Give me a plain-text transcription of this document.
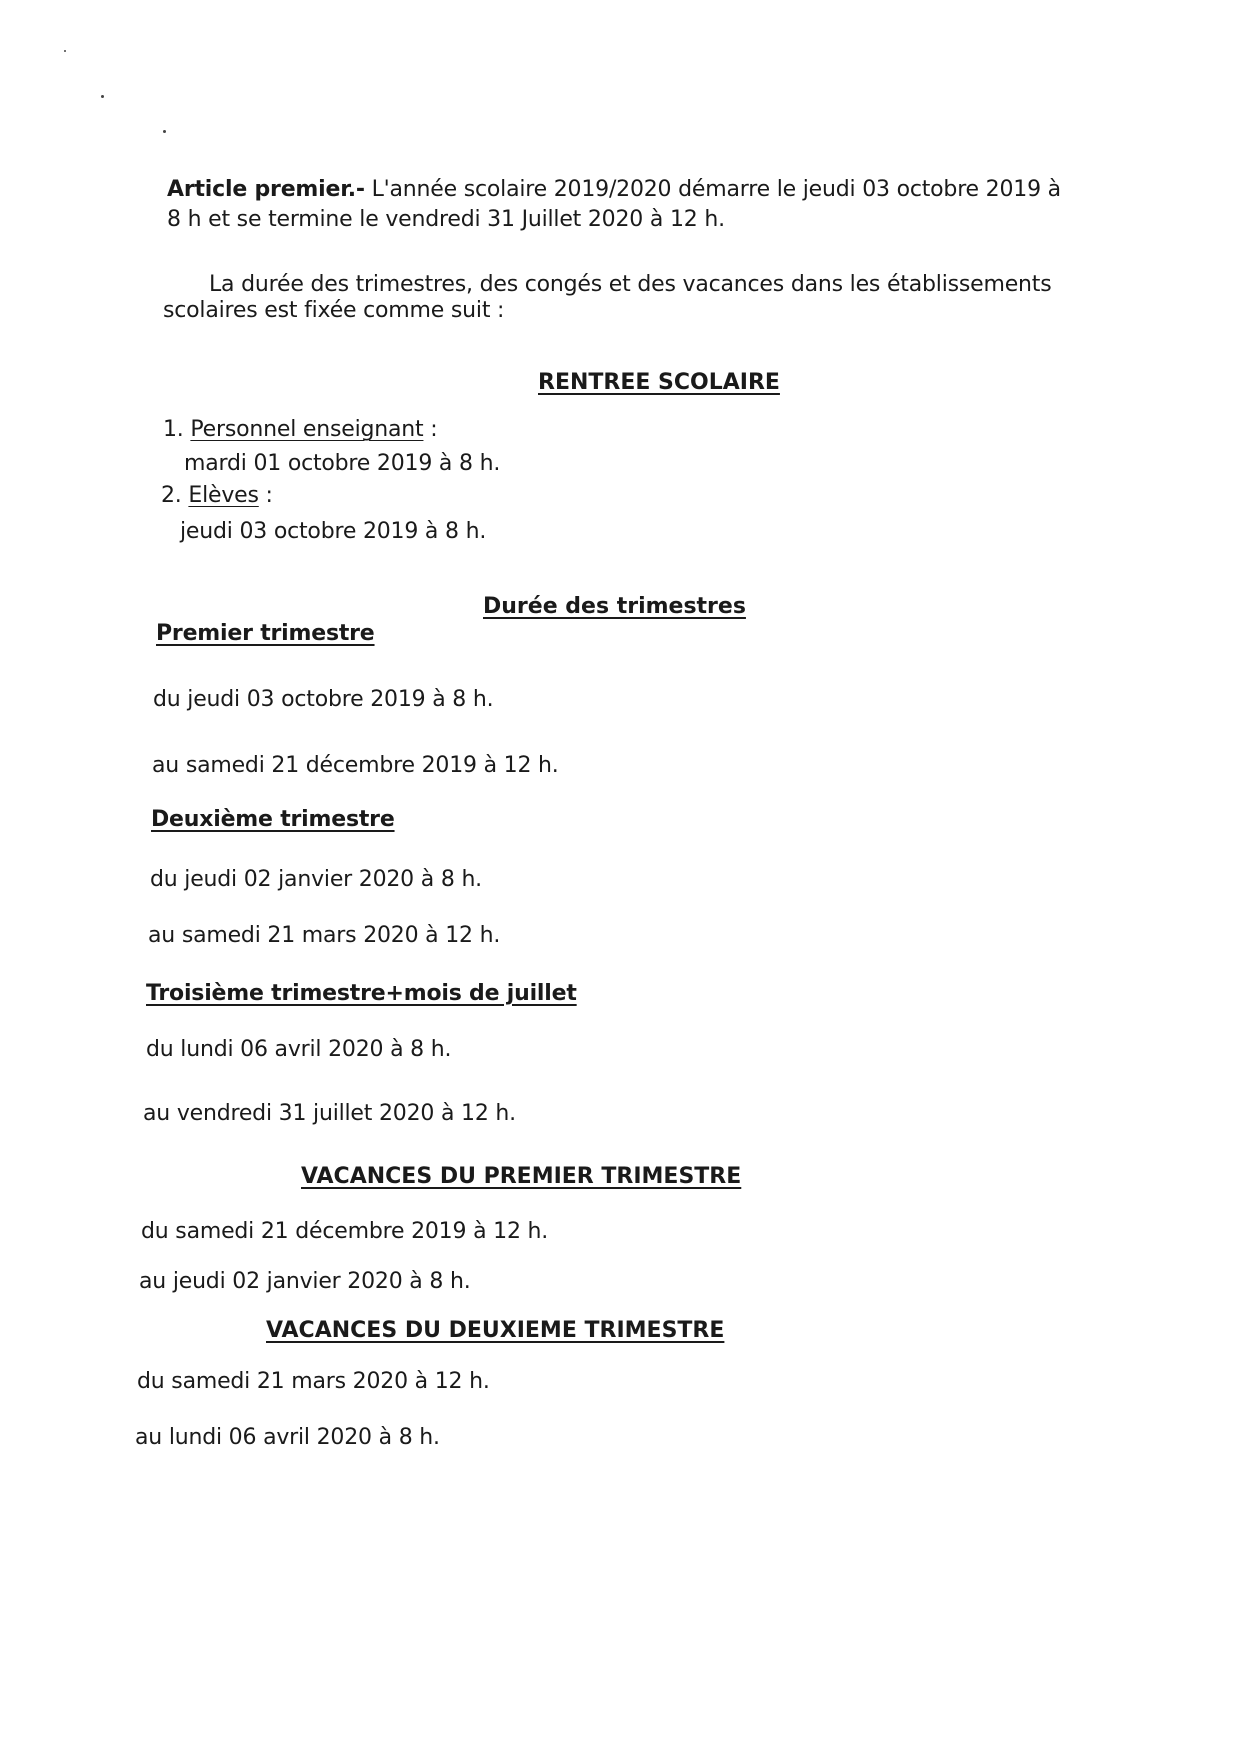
Article premier.- L'année scolaire 2019/2020 démarre le jeudi 03 octobre 2019 à
8 h et se termine le vendredi 31 Juillet 2020 à 12 h.
La durée des trimestres, des congés et des vacances dans les établissements
scolaires est fixée comme suit :
RENTREE SCOLAIRE
1. Personnel enseignant :
mardi 01 octobre 2019 à 8 h.
2. Elèves :
jeudi 03 octobre 2019 à 8 h.
Durée des trimestres
Premier trimestre
du jeudi 03 octobre 2019 à 8 h.
au samedi 21 décembre 2019 à 12 h.
Deuxième trimestre
du jeudi 02 janvier 2020 à 8 h.
au samedi 21 mars 2020 à 12 h.
Troisième trimestre+mois de juillet
du lundi 06 avril 2020 à 8 h.
au vendredi 31 juillet 2020 à 12 h.
VACANCES DU PREMIER TRIMESTRE
du samedi 21 décembre 2019 à 12 h.
au jeudi 02 janvier 2020 à 8 h.
VACANCES DU DEUXIEME TRIMESTRE
du samedi 21 mars 2020 à 12 h.
au lundi 06 avril 2020 à 8 h.
